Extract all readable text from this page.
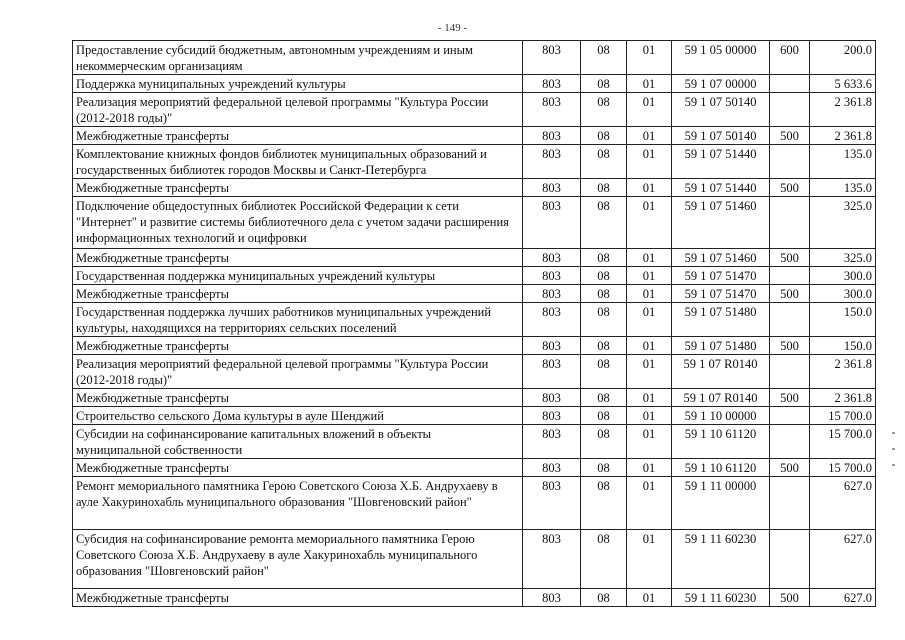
- 149 -
Предоставление субсидий бюджетным, автономным учреждениям и иным некоммерческим организациям	803	08	01	59 1 05 00000	600	200.0
Поддержка муниципальных учреждений культуры	803	08	01	59 1 07 00000		5 633.6
Реализация мероприятий федеральной целевой программы "Культура России (2012-2018 годы)"	803	08	01	59 1 07 50140		2 361.8
Межбюджетные трансферты	803	08	01	59 1 07 50140	500	2 361.8
Комплектование книжных фондов библиотек муниципальных образований и государственных библиотек городов Москвы и Санкт-Петербурга	803	08	01	59 1 07 51440		135.0
Межбюджетные трансферты	803	08	01	59 1 07 51440	500	135.0
Подключение общедоступных библиотек Российской Федерации к сети "Интернет" и развитие системы библиотечного дела с учетом задачи расширения информационных технологий и оцифровки	803	08	01	59 1 07 51460		325.0
Межбюджетные трансферты	803	08	01	59 1 07 51460	500	325.0
Государственная поддержка муниципальных учреждений культуры	803	08	01	59 1 07 51470		300.0
Межбюджетные трансферты	803	08	01	59 1 07 51470	500	300.0
Государственная поддержка лучших работников муниципальных учреждений культуры, находящихся на территориях сельских поселений	803	08	01	59 1 07 51480		150.0
Межбюджетные трансферты	803	08	01	59 1 07 51480	500	150.0
Реализация мероприятий федеральной целевой программы "Культура России (2012-2018 годы)"	803	08	01	59 1 07 R0140		2 361.8
Межбюджетные трансферты	803	08	01	59 1 07 R0140	500	2 361.8
Строительство сельского Дома культуры в ауле Шенджий	803	08	01	59 1 10 00000		15 700.0
Субсидии на софинансирование капитальных вложений в объекты муниципальной собственности	803	08	01	59 1 10 61120		15 700.0
Межбюджетные трансферты	803	08	01	59 1 10 61120	500	15 700.0
Ремонт мемориального памятника Герою Советского Союза Х.Б. Андрухаеву в ауле Хакуринохабль муниципального образования "Шовгеновский район"	803	08	01	59 1 11 00000		627.0
Субсидия на софинансирование ремонта мемориального памятника Герою Советского Союза Х.Б. Андрухаеву в ауле Хакуринохабль муниципального образования "Шовгеновский район"	803	08	01	59 1 11 60230		627.0
Межбюджетные трансферты	803	08	01	59 1 11 60230	500	627.0
